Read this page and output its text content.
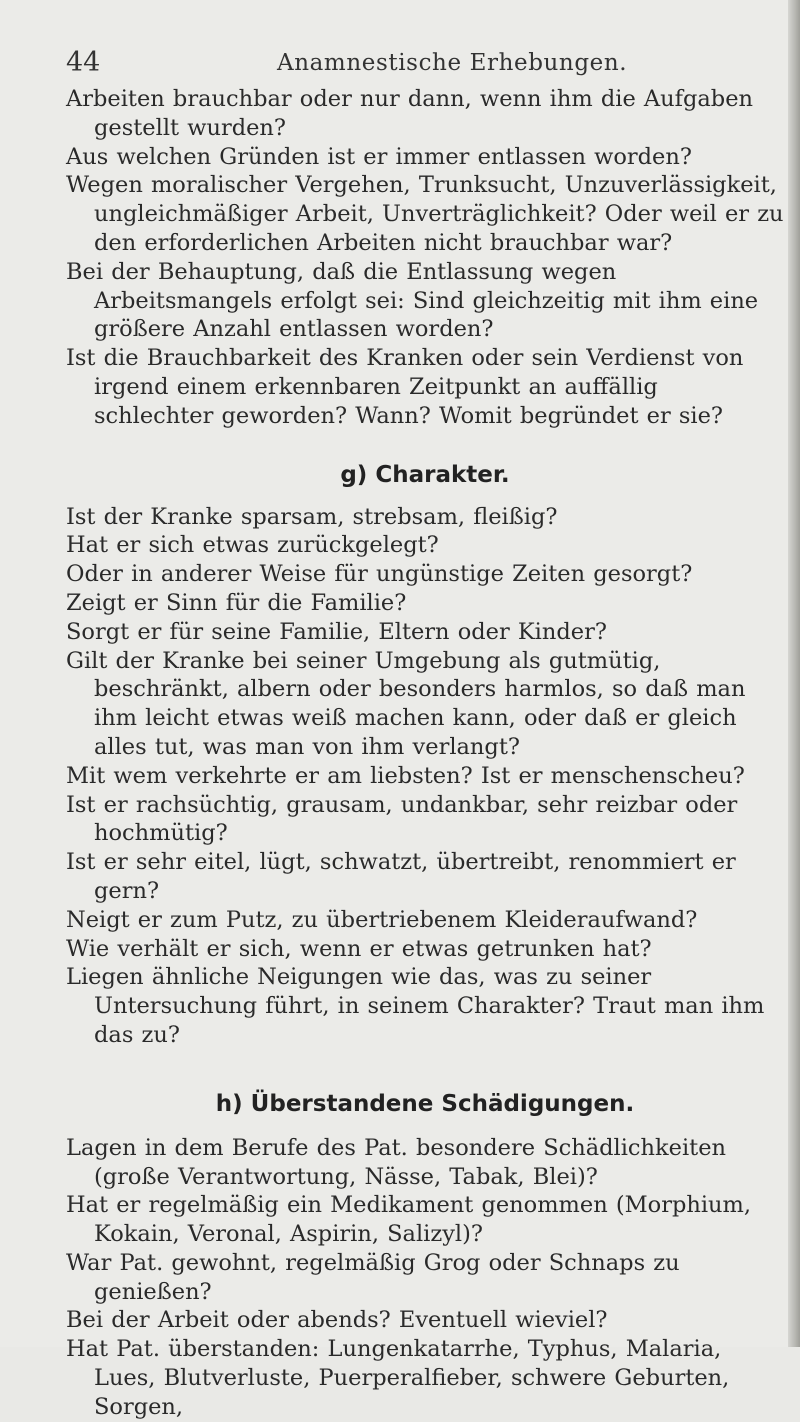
44	Anamnestische Erhebungen.

Arbeiten brauchbar oder nur dann, wenn ihm die Aufgaben gestellt wurden?

Aus welchen Gründen ist er immer entlassen worden?

Wegen moralischer Vergehen, Trunksucht, Unzuverlässigkeit, ungleichmäßiger Arbeit, Unverträglichkeit? Oder weil er zu den erforderlichen Arbeiten nicht brauchbar war?

Bei der Behauptung, daß die Entlassung wegen Arbeitsmangels erfolgt sei: Sind gleichzeitig mit ihm eine größere Anzahl entlassen worden?

Ist die Brauchbarkeit des Kranken oder sein Verdienst von irgend einem erkennbaren Zeitpunkt an auffällig schlechter geworden? Wann? Womit begründet er sie?

g) Charakter.

Ist der Kranke sparsam, strebsam, fleißig?

Hat er sich etwas zurückgelegt?

Oder in anderer Weise für ungünstige Zeiten gesorgt?

Zeigt er Sinn für die Familie?

Sorgt er für seine Familie, Eltern oder Kinder?

Gilt der Kranke bei seiner Umgebung als gutmütig, beschränkt, albern oder besonders harmlos, so daß man ihm leicht etwas weiß machen kann, oder daß er gleich alles tut, was man von ihm verlangt?

Mit wem verkehrte er am liebsten? Ist er menschenscheu?

Ist er rachsüchtig, grausam, undankbar, sehr reizbar oder hochmütig?

Ist er sehr eitel, lügt, schwatzt, übertreibt, renommiert er gern?

Neigt er zum Putz, zu übertriebenem Kleideraufwand?

Wie verhält er sich, wenn er etwas getrunken hat?

Liegen ähnliche Neigungen wie das, was zu seiner Untersuchung führt, in seinem Charakter? Traut man ihm das zu?

h) Überstandene Schädigungen.

Lagen in dem Berufe des Pat. besondere Schädlichkeiten (große Verantwortung, Nässe, Tabak, Blei)?

Hat er regelmäßig ein Medikament genommen (Morphium, Kokain, Veronal, Aspirin, Salizyl)?

War Pat. gewohnt, regelmäßig Grog oder Schnaps zu genießen?

Bei der Arbeit oder abends? Eventuell wieviel?

Hat Pat. überstanden: Lungenkatarrhe, Typhus, Malaria, Lues, Blutverluste, Puerperalfieber, schwere Geburten, Sorgen,
